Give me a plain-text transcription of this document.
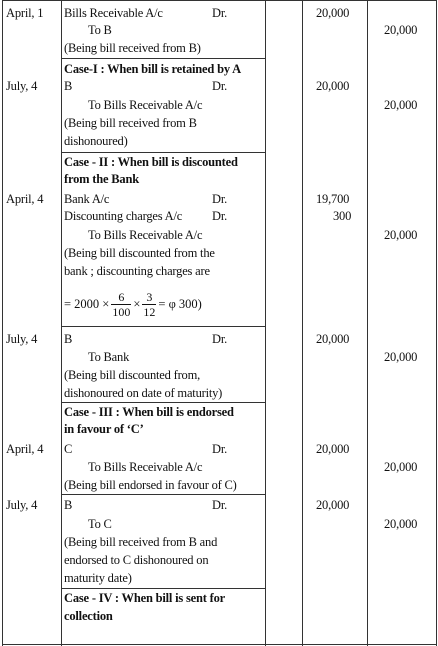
April, 1 Bills Receivable A/c	Dr.	20,000
To B	20,000
(Being bill received from B)
Case-I : When bill is retained by A
July, 4 B	Dr.	20,000
To Bills Receivable A/c	20,000
(Being bill received from B
dishonoured)
Case - II : When bill is discounted
from the Bank
April, 4 Bank A/c	Dr.	19,700
Discounting charges A/c Dr.	300
To Bills Receivable A/c	20,000
(Being bill discounted from the
bank ; discounting charges are
= $2000 \times \frac{6}{100} \times \frac{3}{12} = \varphi$ 300)
July, 4 B	Dr.	20,000
To Bank	20,000
(Being bill discounted from,
dishonoured on date of maturity)
Case - III : When bill is endorsed
in favour of ‘C’
April, 4 C	Dr.	20,000
To Bills Receivable A/c	20,000
(Being bill endorsed in favour of C)
July, 4 B	Dr.	20,000
To C	20,000
(Being bill received from B and
endorsed to C dishonoured on
maturity date)
Case - IV : When bill is sent for
collection
